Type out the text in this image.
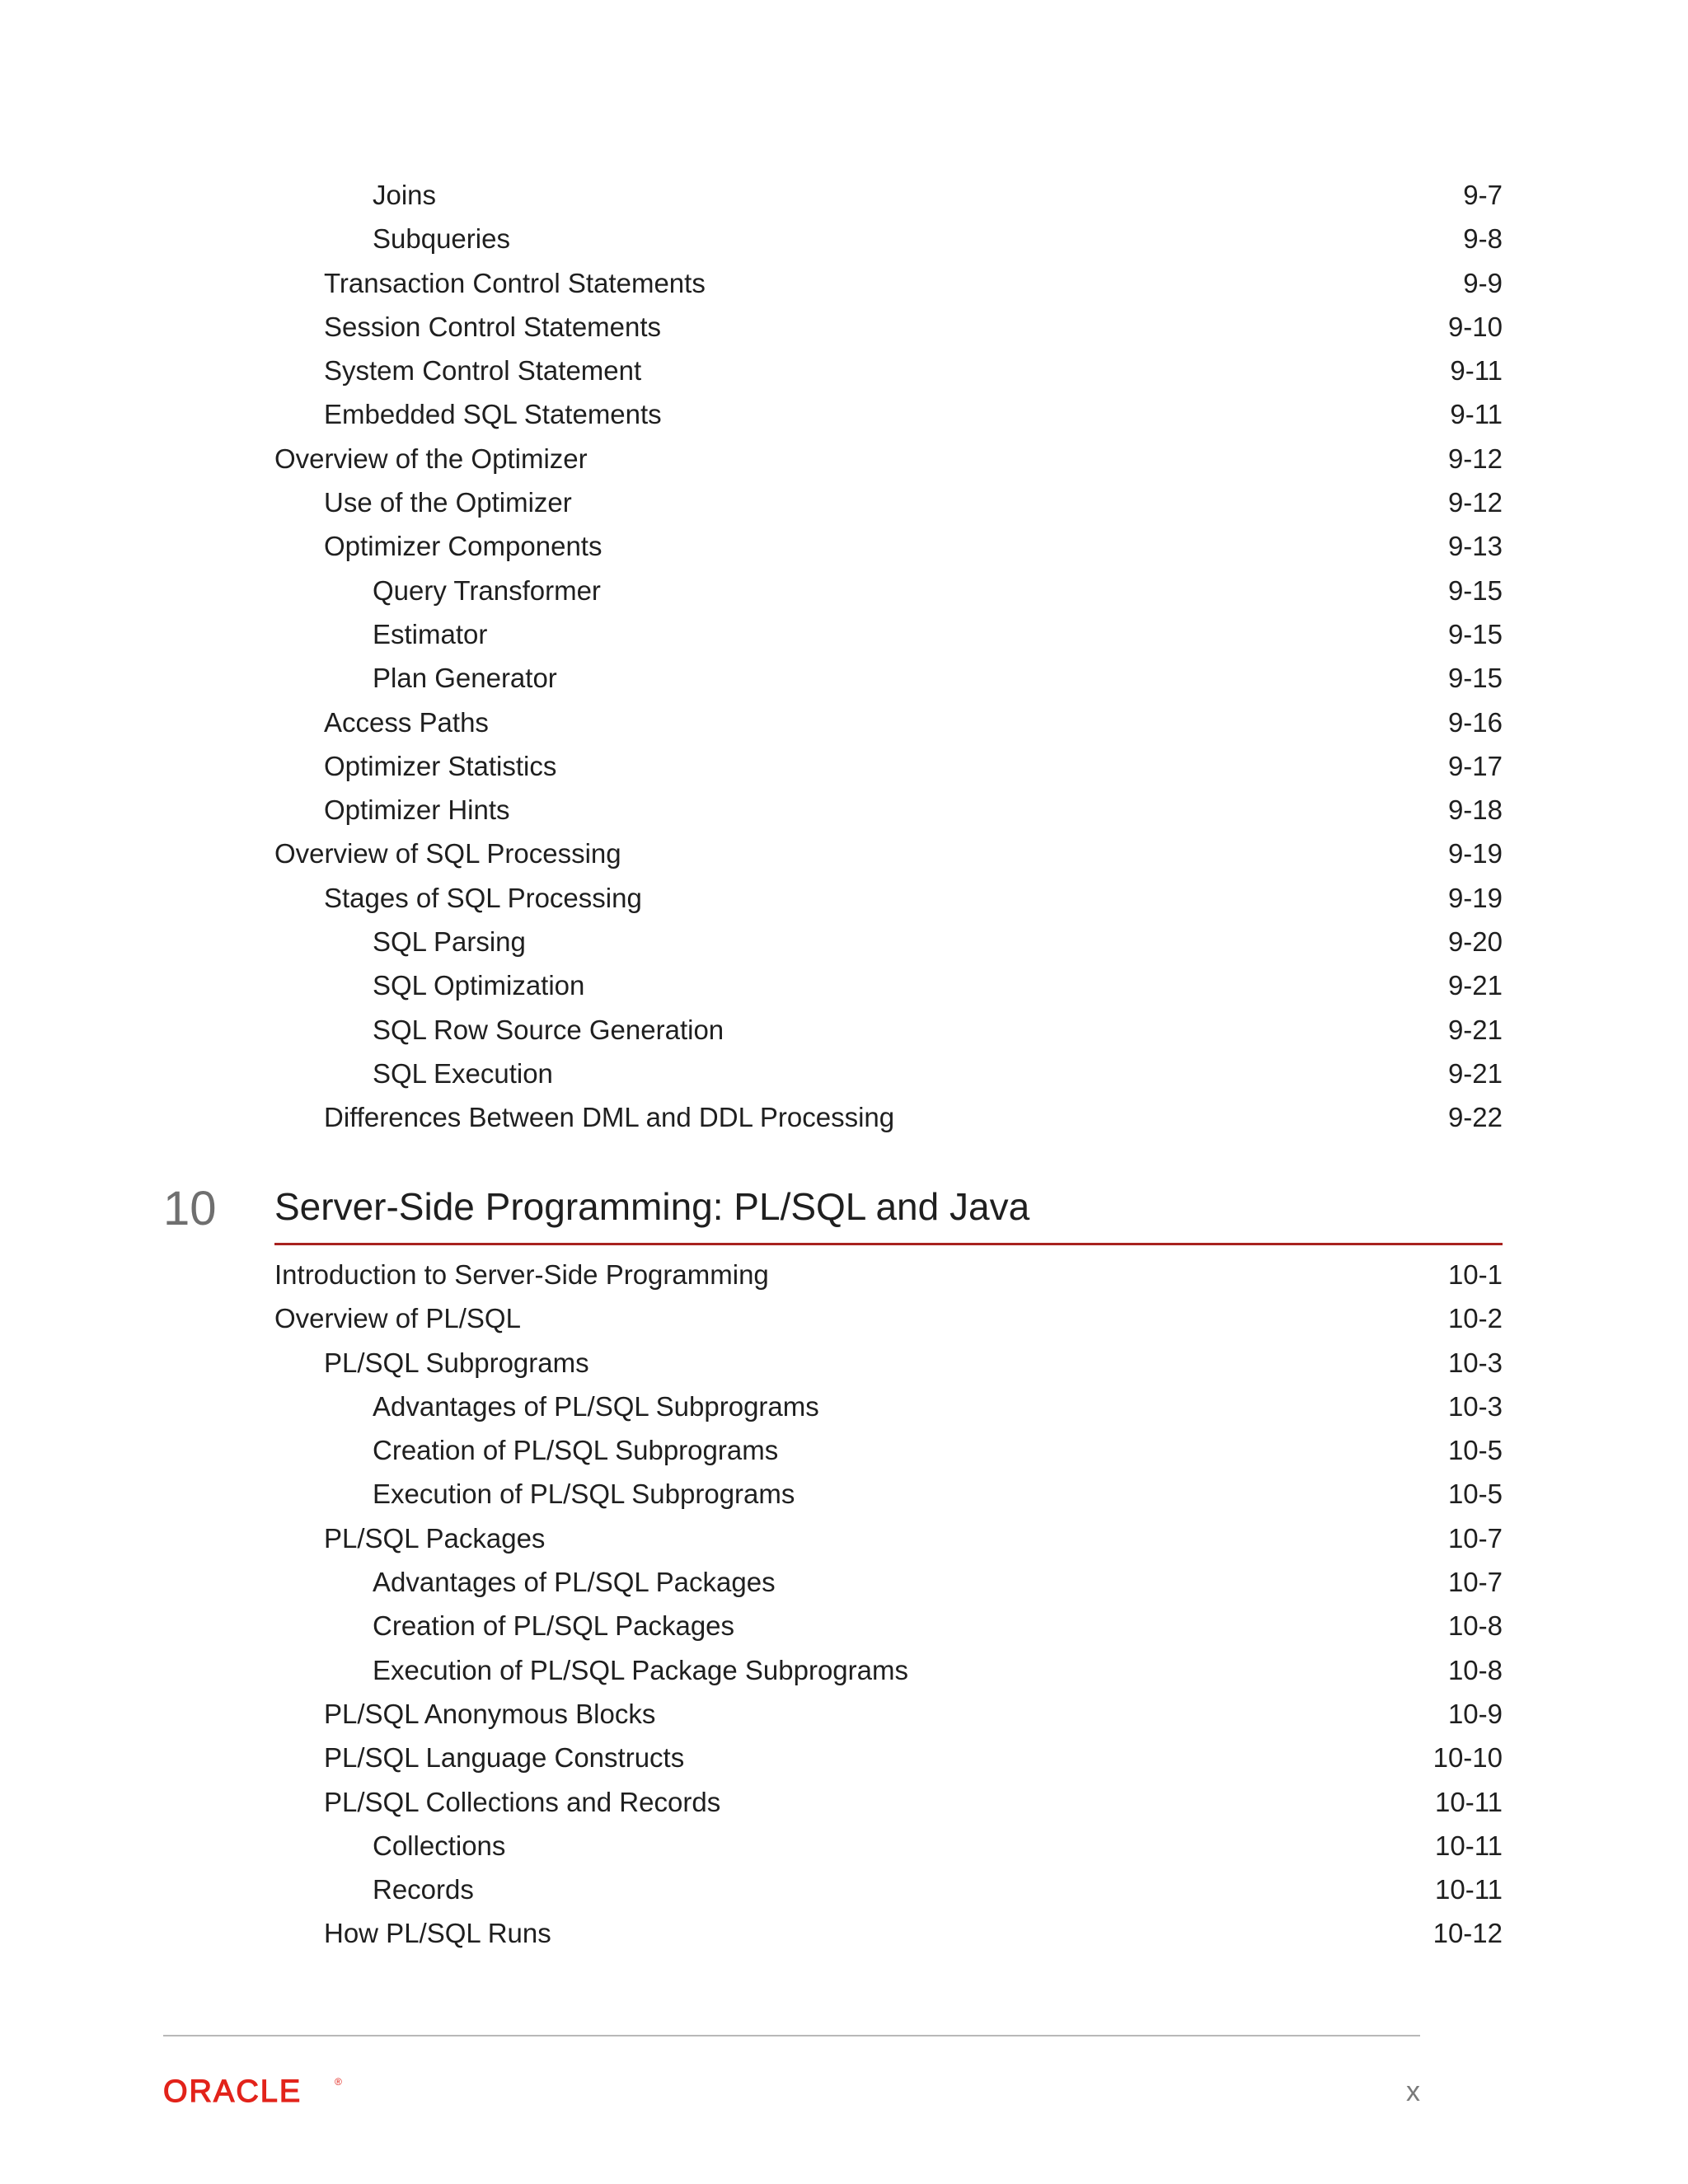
Joins	9-7
Subqueries	9-8
Transaction Control Statements	9-9
Session Control Statements	9-10
System Control Statement	9-11
Embedded SQL Statements	9-11
Overview of the Optimizer	9-12
Use of the Optimizer	9-12
Optimizer Components	9-13
Query Transformer	9-15
Estimator	9-15
Plan Generator	9-15
Access Paths	9-16
Optimizer Statistics	9-17
Optimizer Hints	9-18
Overview of SQL Processing	9-19
Stages of SQL Processing	9-19
SQL Parsing	9-20
SQL Optimization	9-21
SQL Row Source Generation	9-21
SQL Execution	9-21
Differences Between DML and DDL Processing	9-22
10 Server-Side Programming: PL/SQL and Java
Introduction to Server-Side Programming	10-1
Overview of PL/SQL	10-2
PL/SQL Subprograms	10-3
Advantages of PL/SQL Subprograms	10-3
Creation of PL/SQL Subprograms	10-5
Execution of PL/SQL Subprograms	10-5
PL/SQL Packages	10-7
Advantages of PL/SQL Packages	10-7
Creation of PL/SQL Packages	10-8
Execution of PL/SQL Package Subprograms	10-8
PL/SQL Anonymous Blocks	10-9
PL/SQL Language Constructs	10-10
PL/SQL Collections and Records	10-11
Collections	10-11
Records	10-11
How PL/SQL Runs	10-12
ORACLE	®	x
